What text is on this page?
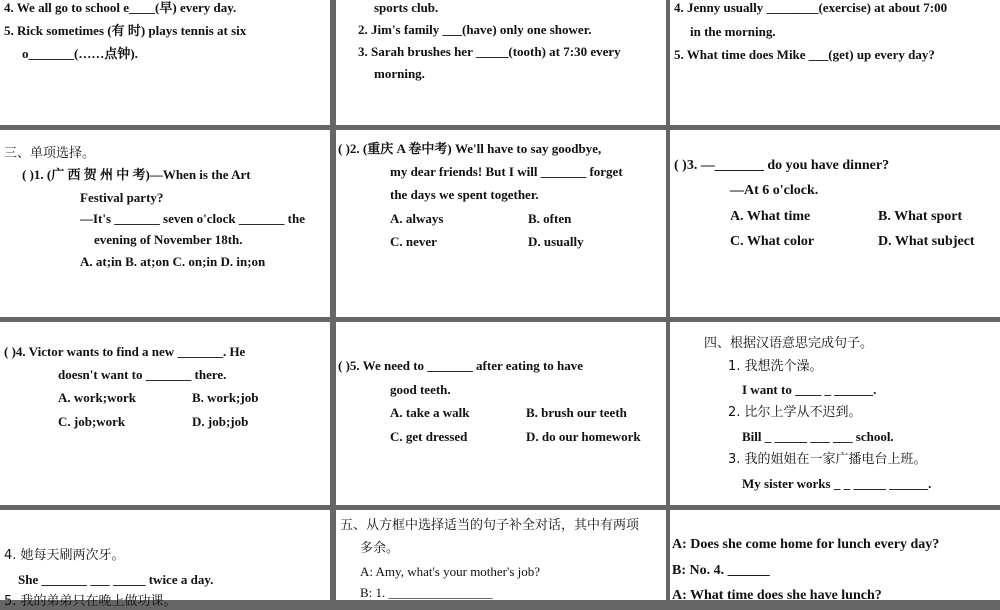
4. We all go to school e____(早) every day.
5. Rick sometimes (有 时) plays tennis at six
o_______(……点钟).
sports club.
2. Jim's family ___(have) only one shower.
3. Sarah brushes her _____(tooth) at 7:30 every
morning.
4. Jenny usually ________(exercise) at about 7:00
in the morning.
5. What time does Mike ___(get) up every day?
三、单项选择。
( )1. (广 西 贺 州 中 考)—When is the Art
Festival party?
—It's _______ seven o'clock _______ the
evening of November 18th.
A. at;in B. at;on C. on;in D. in;on
( )2. (重庆 A 卷中考) We'll have to say goodbye,
my dear friends! But I will _______ forget
the days we spent together.
A. always	B. often
C. never	D. usually
( )3. —_______ do you have dinner?
—At 6 o'clock.
A. What time	B. What sport
C. What color	D. What subject
( )4. Victor wants to find a new _______. He
doesn't want to _______ there.
A. work;work	B. work;job
C. job;work	D. job;job
( )5. We need to _______ after eating to have
good teeth.
A. take a walk	B. brush our teeth
C. get dressed	D. do our homework
四、根据汉语意思完成句子。
1. 我想洗个澡。
I want to ____ _ ______.
2. 比尔上学从不迟到。
Bill _ _____ ___ ___ school.
3. 我的姐姐在一家广播电台上班。
My sister works _ _ _____ ______.
4. 她每天刷两次牙。
She _______ ___ _____ twice a day.
5. 我的弟弟只在晚上做功课。
五、从方框中选择适当的句子补全对话，其中有两项
多余。
A: Amy, what's your mother's job?
B: 1. ________________
A: Does she come home for lunch every day?
B: No. 4. ______
A: What time does she have lunch?
